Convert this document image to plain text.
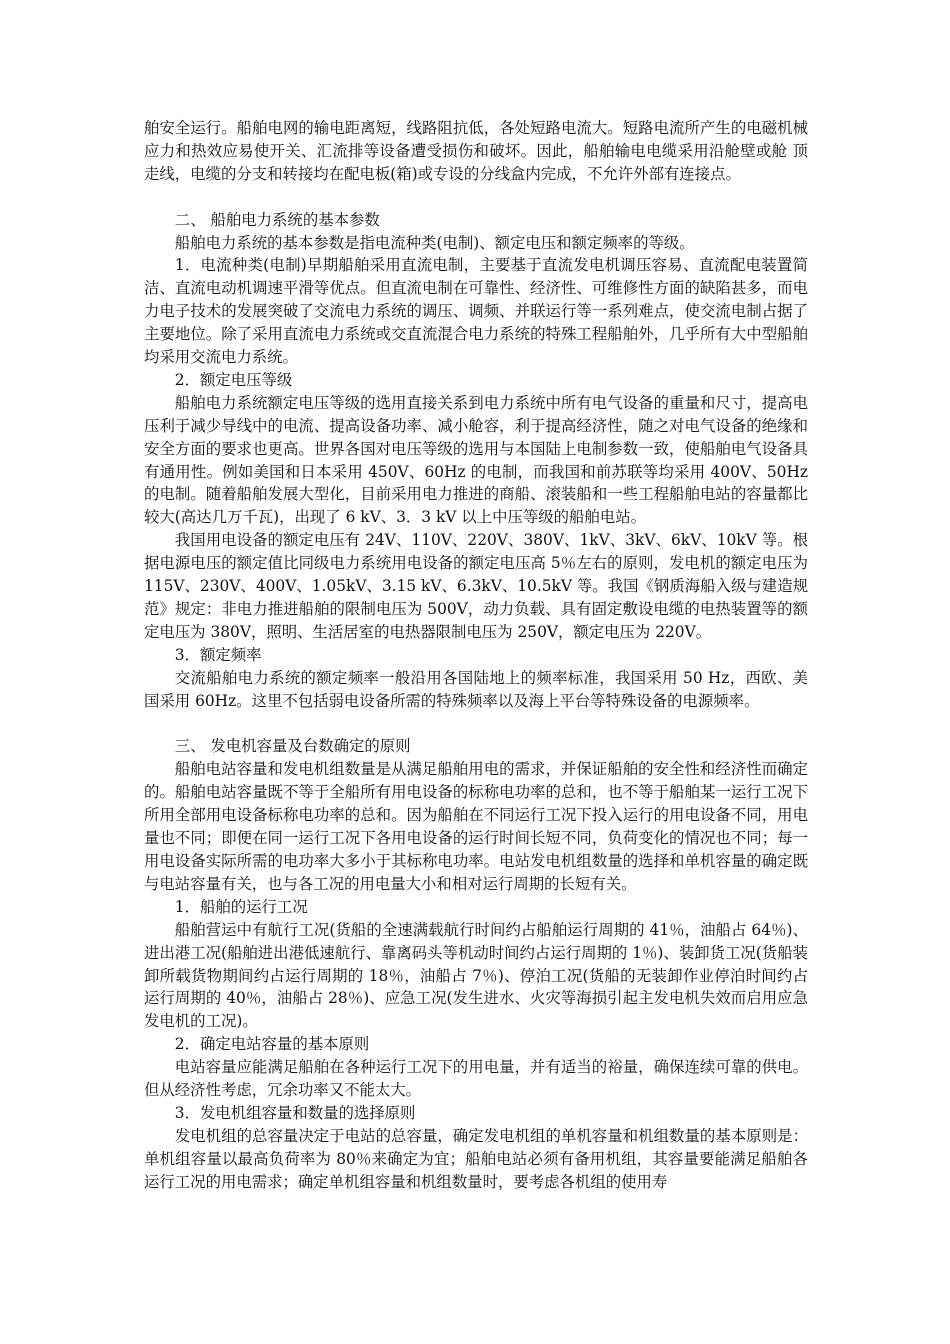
舶安全运行。船舶电网的输电距离短，线路阻抗低，各处短路电流大。短路电流所产生的电磁机械应力和热效应易使开关、汇流排等设备遭受损伤和破坏。因此，船舶输电电缆采用沿舱壁或舱 顶走线，电缆的分支和转接均在配电板(箱)或专设的分线盒内完成，不允许外部有连接点。

二、 船舶电力系统的基本参数

船舶电力系统的基本参数是指电流种类(电制)、额定电压和额定频率的等级。

1．电流种类(电制)早期船舶采用直流电制，主要基于直流发电机调压容易、直流配电装置简洁、直流电动机调速平滑等优点。但直流电制在可靠性、经济性、可维修性方面的缺陷甚多，而电力电子技术的发展突破了交流电力系统的调压、调频、并联运行等一系列难点，使交流电制占据了主要地位。除了采用直流电力系统或交直流混合电力系统的特殊工程船舶外，几乎所有大中型船舶均采用交流电力系统。

2．额定电压等级

船舶电力系统额定电压等级的选用直接关系到电力系统中所有电气设备的重量和尺寸，提高电压利于减少导线中的电流、提高设备功率、减小舱容，利于提高经济性，随之对电气设备的绝缘和安全方面的要求也更高。世界各国对电压等级的选用与本国陆上电制参数一致，使船舶电气设备具有通用性。例如美国和日本采用 450V、60Hz 的电制，而我国和前苏联等均采用 400V、50Hz 的电制。随着船舶发展大型化，目前采用电力推进的商船、滚装船和一些工程船舶电站的容量都比较大(高达几万千瓦)，出现了 6 kV、3．3 kV 以上中压等级的船舶电站。

我国用电设备的额定电压有 24V、110V、220V、380V、1kV、3kV、6kV、10kV 等。根据电源电压的额定值比同级电力系统用电设备的额定电压高 5％左右的原则，发电机的额定电压为 115V、230V、400V、1.05kV、3.15 kV、6.3kV、10.5kV 等。我国《钢质海船入级与建造规范》规定：非电力推进船舶的限制电压为 500V，动力负载、具有固定敷设电缆的电热装置等的额定电压为 380V，照明、生活居室的电热器限制电压为 250V，额定电压为 220V。

3．额定频率

交流船舶电力系统的额定频率一般沿用各国陆地上的频率标准，我国采用 50 Hz，西欧、美国采用 60Hz。这里不包括弱电设备所需的特殊频率以及海上平台等特殊设备的电源频率。

三、 发电机容量及台数确定的原则

船舶电站容量和发电机组数量是从满足船舶用电的需求，并保证船舶的安全性和经济性而确定的。船舶电站容量既不等于全船所有用电设备的标称电功率的总和，也不等于船舶某一运行工况下所用全部用电设备标称电功率的总和。因为船舶在不同运行工况下投入运行的用电设备不同，用电量也不同；即便在同一运行工况下各用电设备的运行时间长短不同，负荷变化的情况也不同；每一用电设备实际所需的电功率大多小于其标称电功率。电站发电机组数量的选择和单机容量的确定既与电站容量有关，也与各工况的用电量大小和相对运行周期的长短有关。

1．船舶的运行工况

船舶营运中有航行工况(货船的全速满载航行时间约占船舶运行周期的 41％，油船占 64％)、进出港工况(船舶进出港低速航行、靠离码头等机动时间约占运行周期的 1％)、装卸货工况(货船装卸所载货物期间约占运行周期的 18％，油船占 7％)、停泊工况(货船的无装卸作业停泊时间约占运行周期的 40％，油船占 28％)、应急工况(发生进水、火灾等海损引起主发电机失效而启用应急发电机的工况)。

2．确定电站容量的基本原则

电站容量应能满足船舶在各种运行工况下的用电量，并有适当的裕量，确保连续可靠的供电。但从经济性考虑，冗余功率又不能太大。

3．发电机组容量和数量的选择原则

发电机组的总容量决定于电站的总容量，确定发电机组的单机容量和机组数量的基本原则是：单机组容量以最高负荷率为 80％来确定为宜；船舶电站必须有备用机组，其容量要能满足船舶各运行工况的用电需求；确定单机组容量和机组数量时，要考虑各机组的使用寿
